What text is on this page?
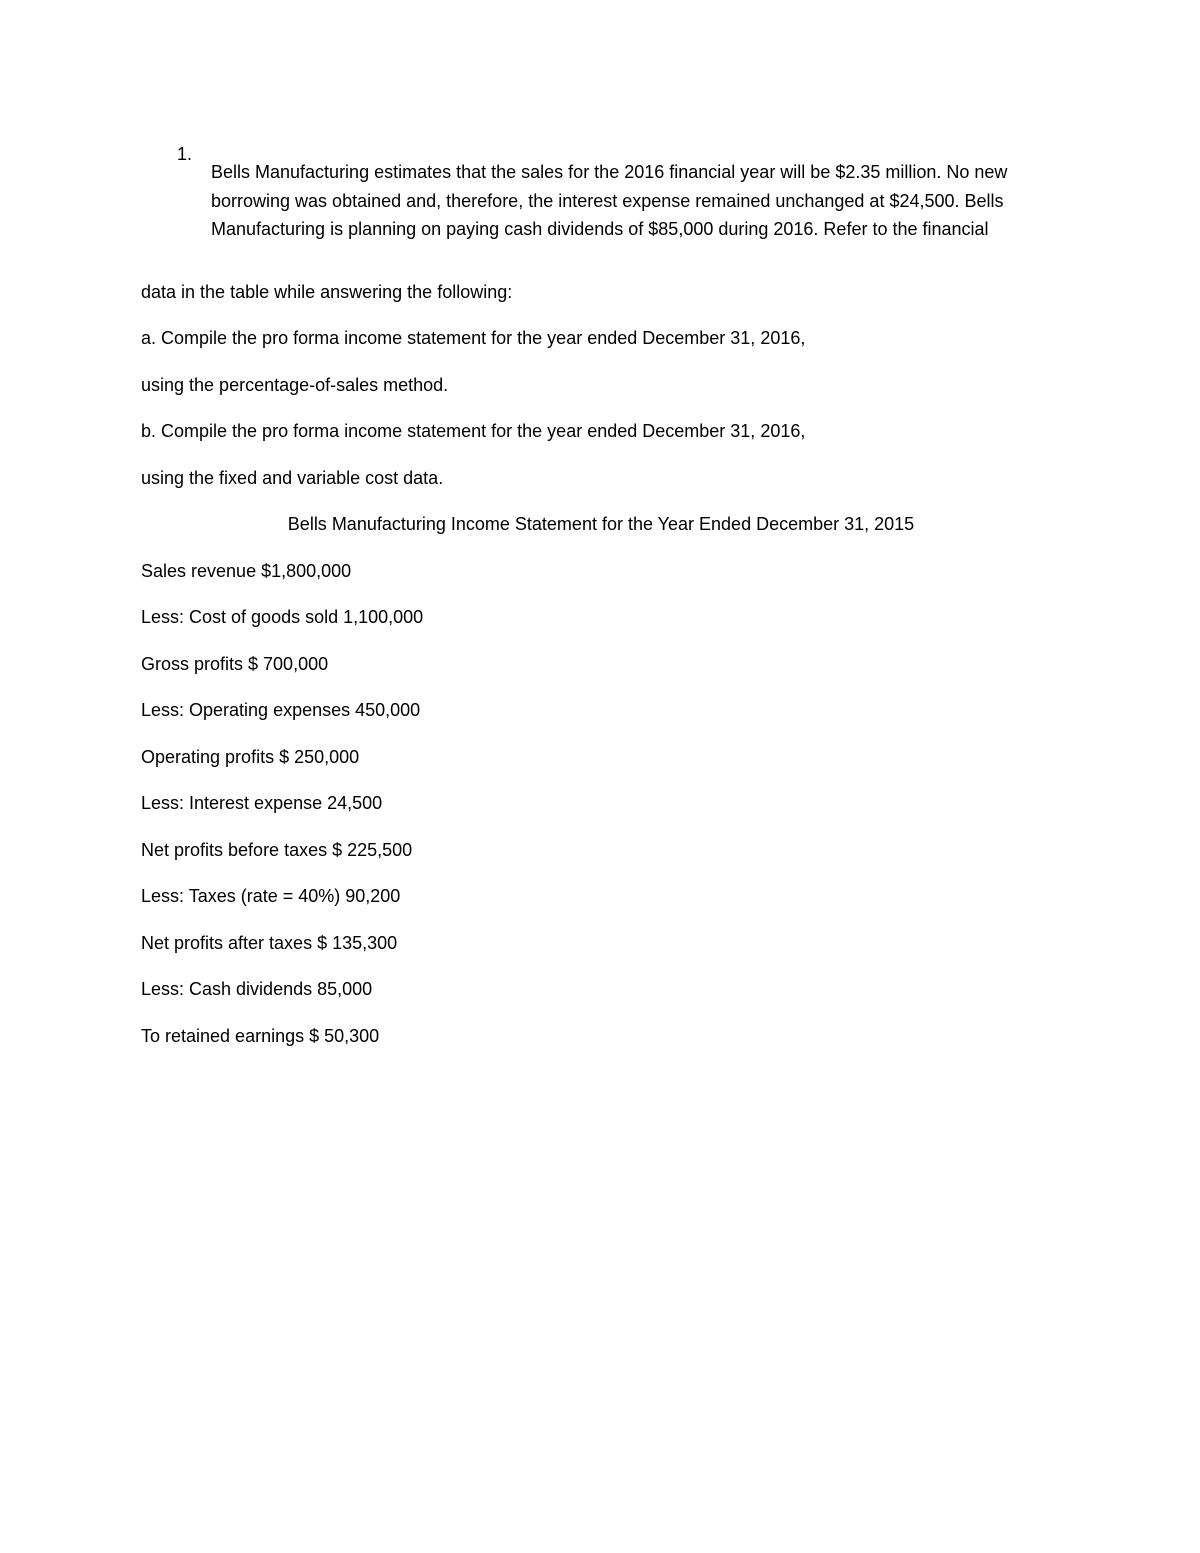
1.

Bells Manufacturing estimates that the sales for the 2016 financial year will be $2.35 million. No new borrowing was obtained and, therefore, the interest expense remained unchanged at $24,500. Bells Manufacturing is planning on paying cash dividends of $85,000 during 2016. Refer to the financial

data in the table while answering the following:

a. Compile the pro forma income statement for the year ended December 31, 2016,

using the percentage-of-sales method.

b. Compile the pro forma income statement for the year ended December 31, 2016,

using the fixed and variable cost data.

Bells Manufacturing Income Statement for the Year Ended December 31, 2015

Sales revenue $1,800,000

Less: Cost of goods sold 1,100,000

Gross profits $ 700,000

Less: Operating expenses 450,000

Operating profits $ 250,000

Less: Interest expense 24,500

Net profits before taxes $ 225,500

Less: Taxes (rate = 40%) 90,200

Net profits after taxes $ 135,300

Less: Cash dividends 85,000

To retained earnings $ 50,300
